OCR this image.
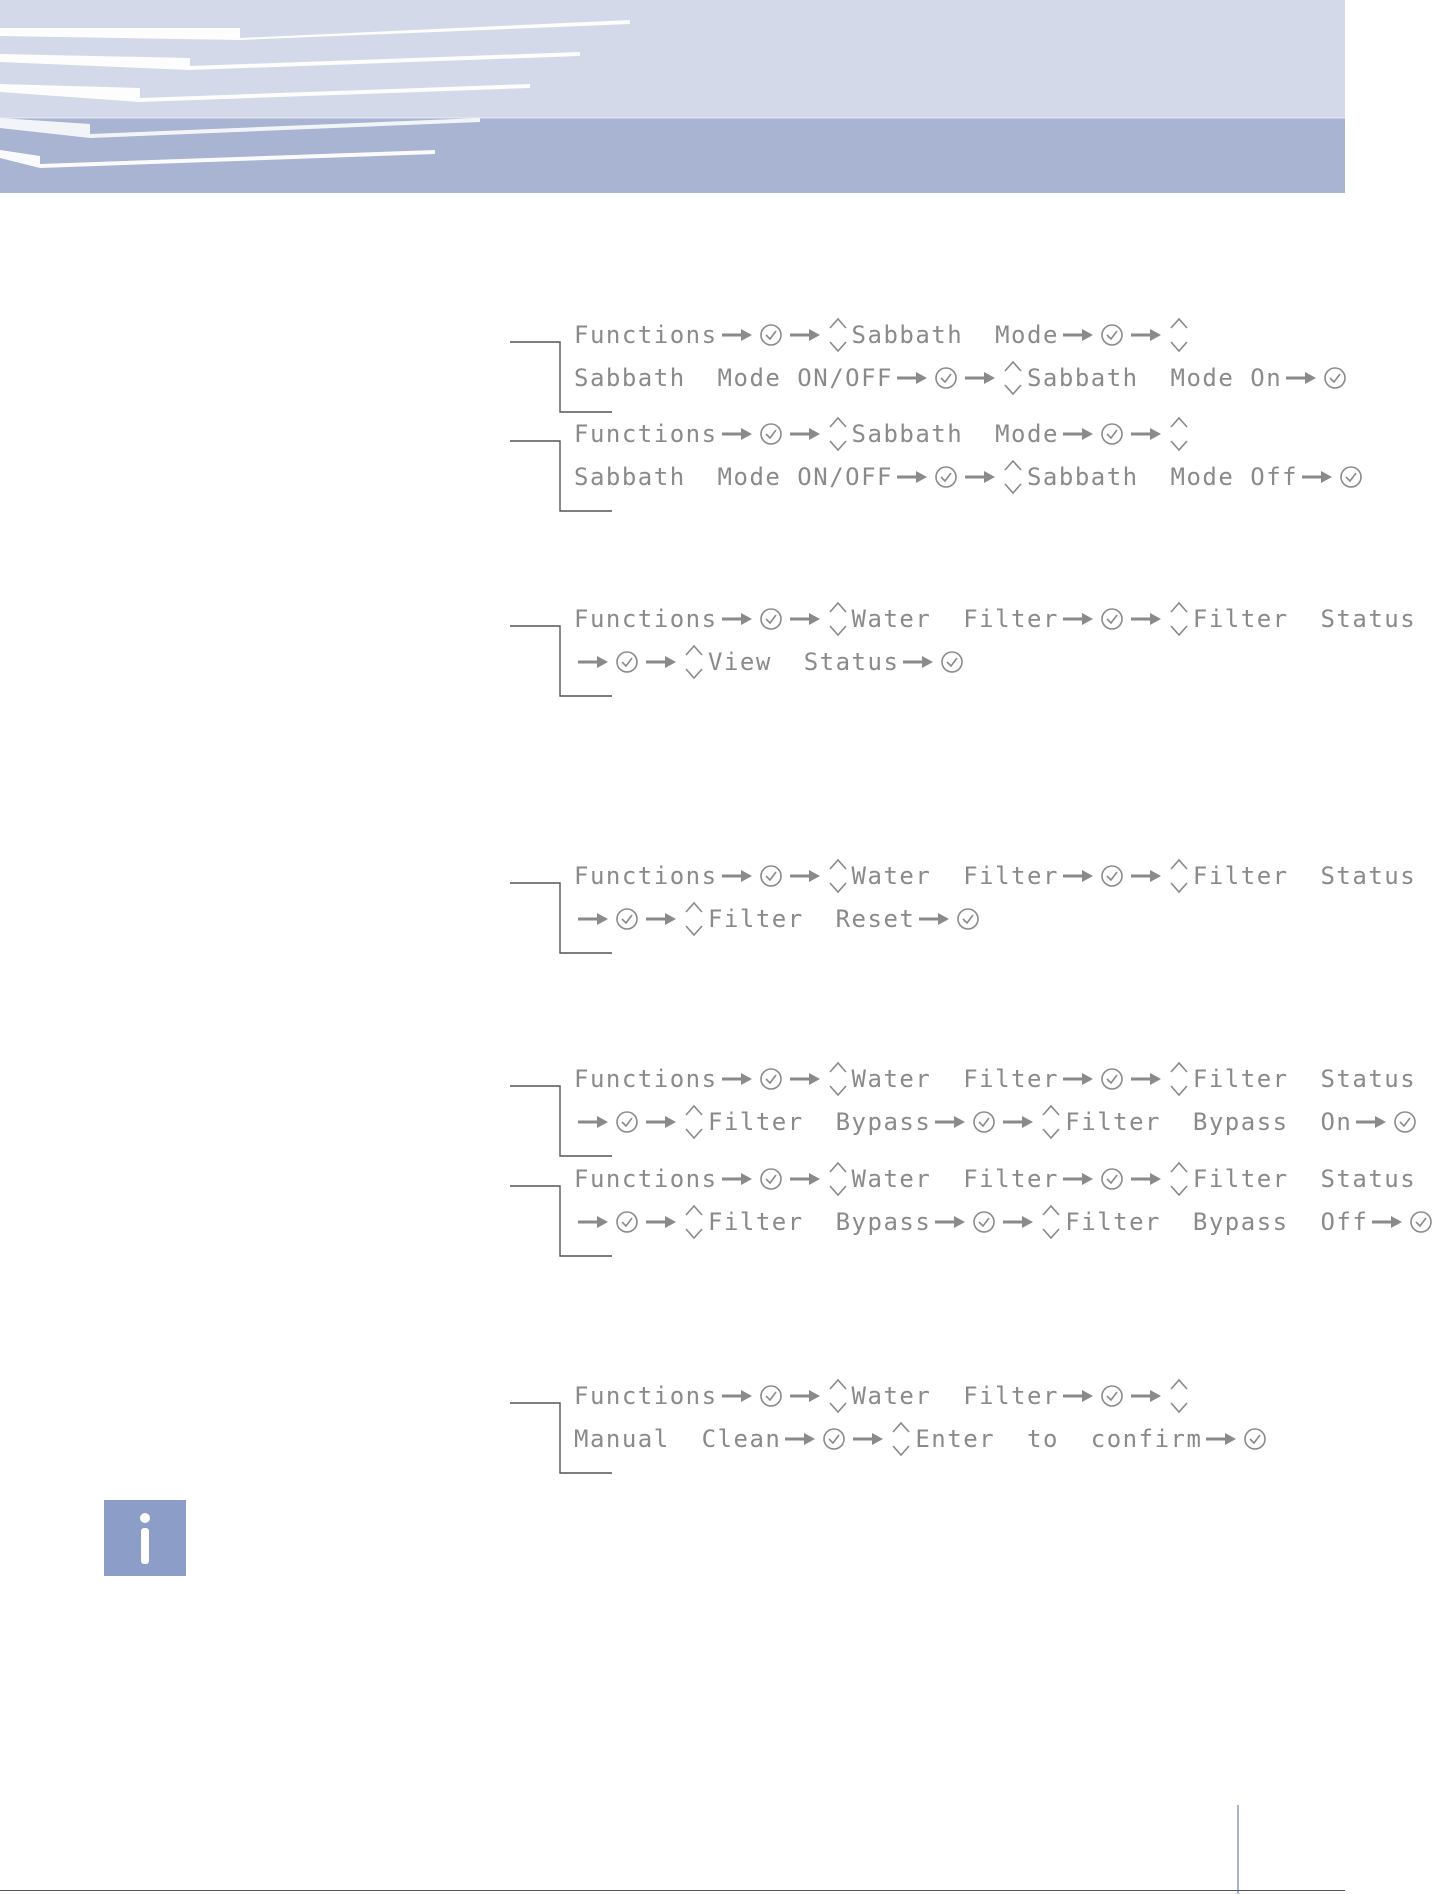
Functions	Sabbath  Mode
Sabbath  Mode ON/OFF	Sabbath  Mode On
Functions	Sabbath  Mode
Sabbath  Mode ON/OFF	Sabbath  Mode Off
Functions	Water  Filter	Filter  Status
View  Status
Functions	Water  Filter	Filter  Status
Filter  Reset
Functions	Water  Filter	Filter  Status
Filter  Bypass	Filter  Bypass  On
Functions	Water  Filter	Filter  Status
Filter  Bypass	Filter  Bypass  Off
Functions	Water  Filter
Manual  Clean	Enter  to  confirm
